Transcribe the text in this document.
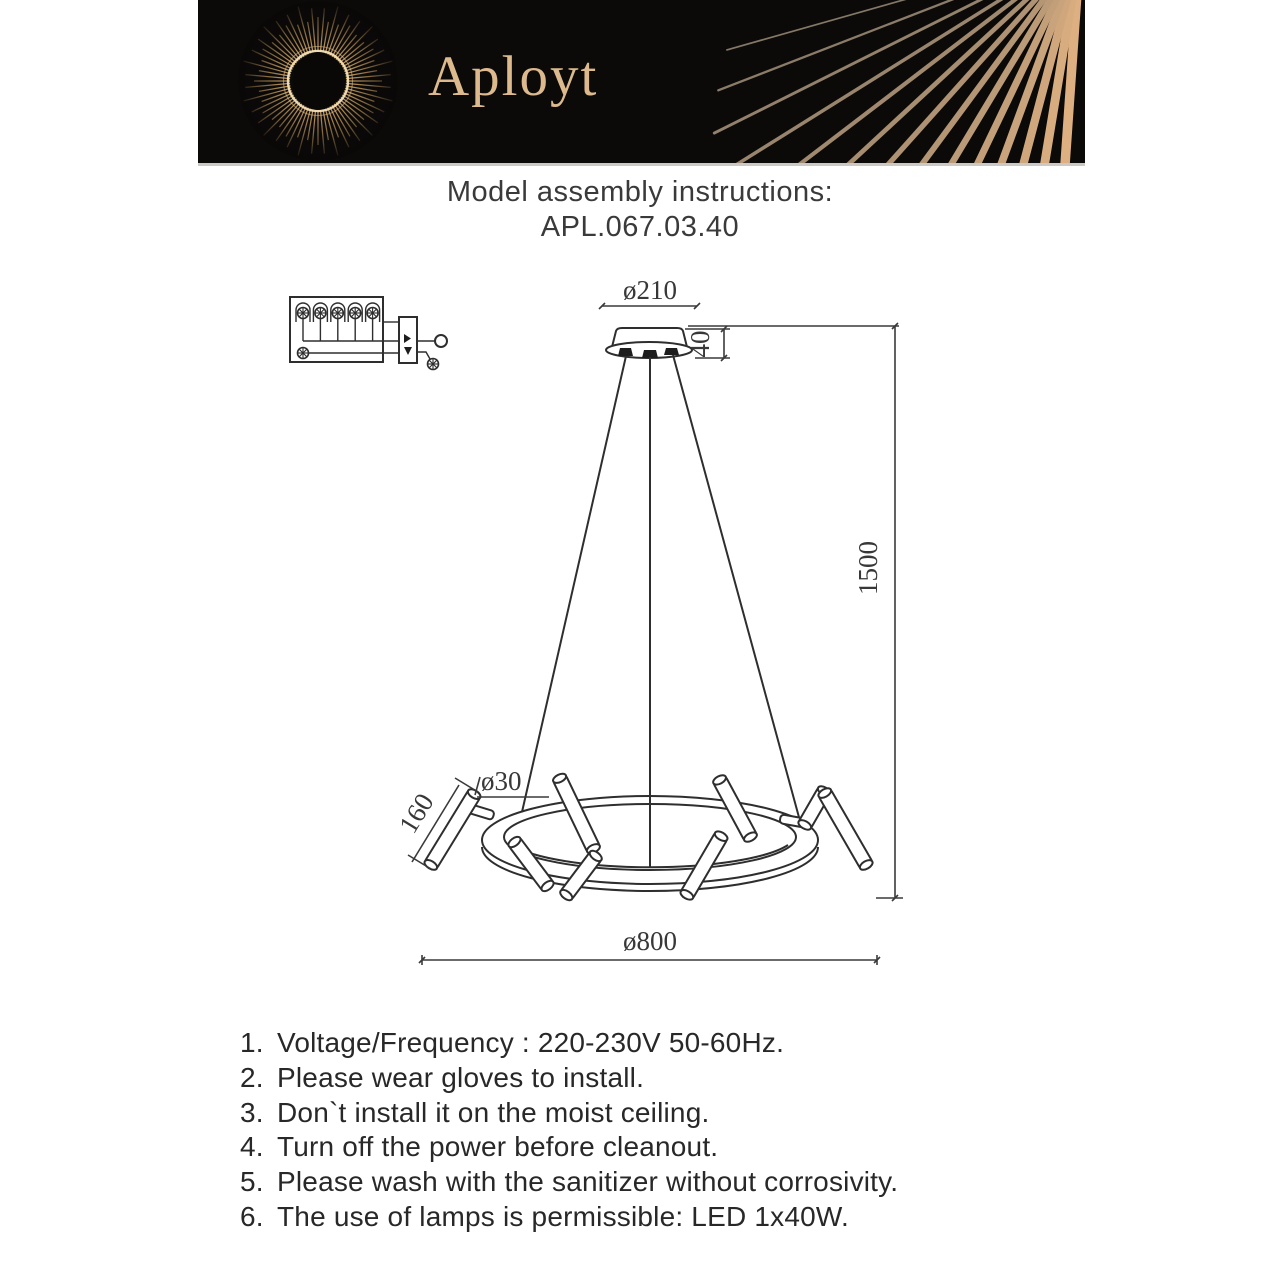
Aployt
Model assembly instructions:
APL.067.03.40
ø210
40
1500
ø30
160
ø800
1. Voltage/Frequency : 220-230V 50-60Hz.
2. Please wear gloves to install.
3. Don`t install it on the moist ceiling.
4. Turn off the power before cleanout.
5. Please wash with the sanitizer without corrosivity.
6. The use of lamps is permissible: LED 1x40W.
